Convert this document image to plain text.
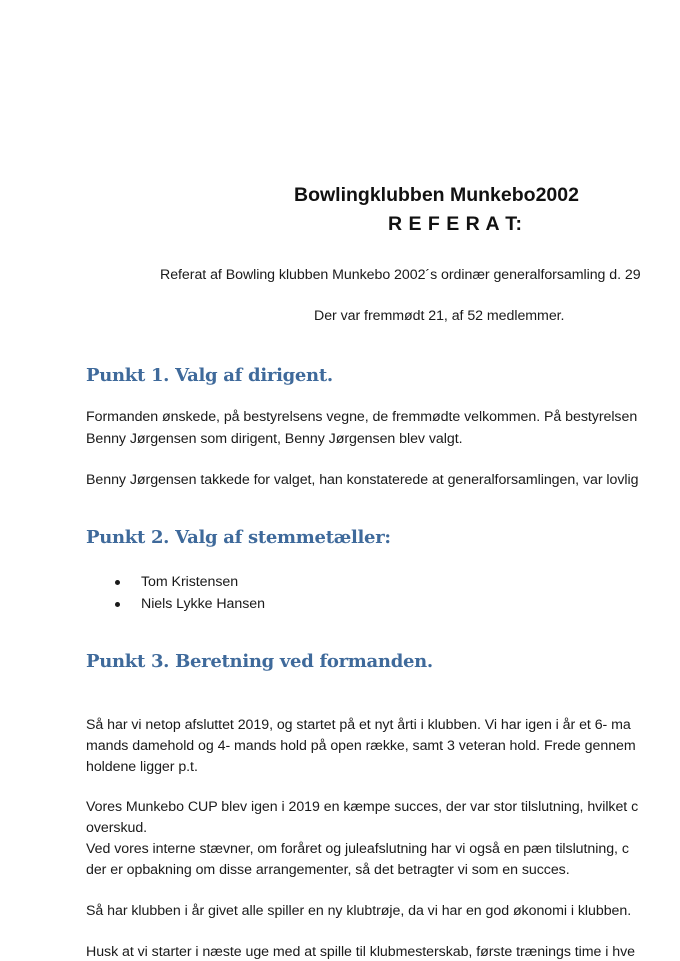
Bowlingklubben Munkebo2002
R E F E R A T:
Referat af Bowling klubben Munkebo 2002´s ordinær generalforsamling d. 29
Der var fremmødt 21, af 52 medlemmer.
Punkt 1. Valg af dirigent.
Formanden ønskede, på bestyrelsens vegne, de fremmødte velkommen. På bestyrelsen
Benny Jørgensen som dirigent, Benny Jørgensen blev valgt.
Benny Jørgensen takkede for valget, han konstaterede at generalforsamlingen, var lovlig
Punkt 2. Valg af stemmetæller:
Tom Kristensen
Niels Lykke Hansen
Punkt 3. Beretning ved formanden.
Så har vi netop afsluttet 2019, og startet på et nyt årti i klubben. Vi har igen i år et 6- ma
mands damehold og 4- mands hold på open række, samt 3 veteran hold. Frede gennem
holdene ligger p.t.
Vores Munkebo CUP blev igen i 2019 en kæmpe succes, der var stor tilslutning, hvilket c
overskud.
Ved vores interne stævner, om foråret og juleafslutning har vi også en pæn tilslutning, c
der er opbakning om disse arrangementer, så det betragter vi som en succes.
Så har klubben i år givet alle spiller en ny klubtrøje, da vi har en god økonomi i klubben.
Husk at vi starter i næste uge med at spille til klubmesterskab, første trænings time i hve
